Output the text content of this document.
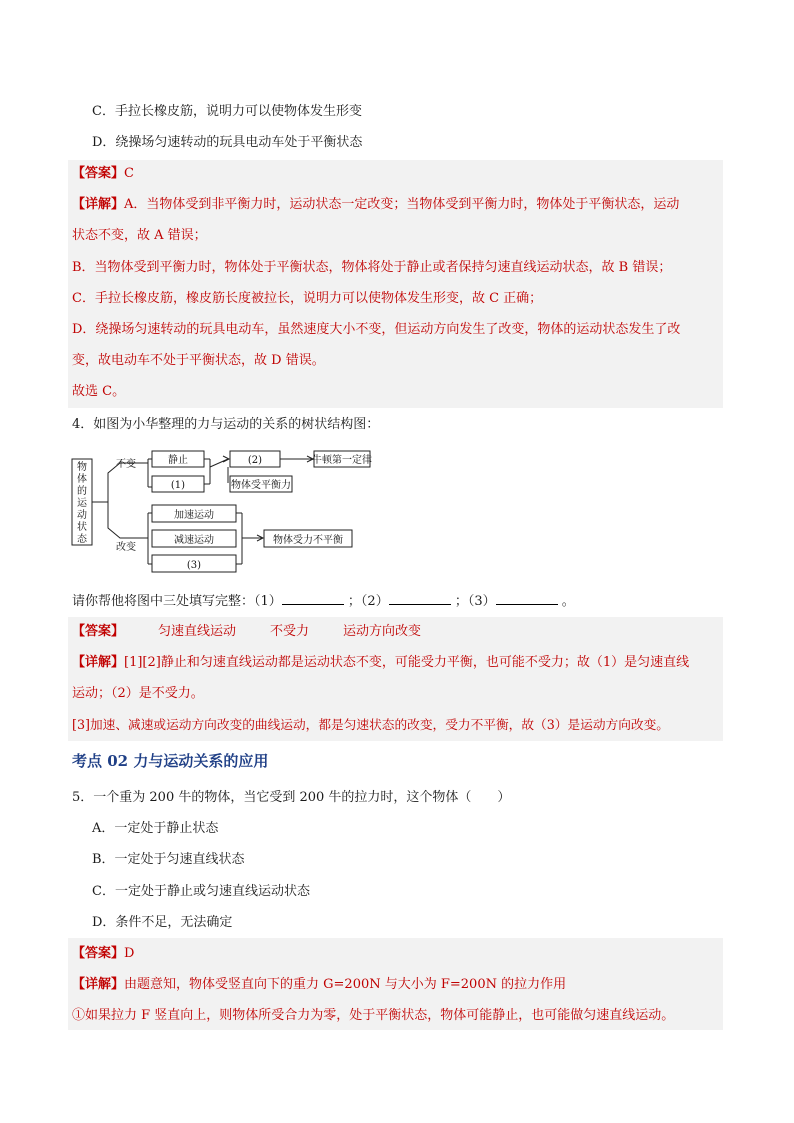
C．手拉长橡皮筋，说明力可以使物体发生形变
D．绕操场匀速转动的玩具电动车处于平衡状态
【答案】C
【详解】A．当物体受到非平衡力时，运动状态一定改变；当物体受到平衡力时，物体处于平衡状态，运动
状态不变，故 A 错误；
B．当物体受到平衡力时，物体处于平衡状态，物体将处于静止或者保持匀速直线运动状态，故 B 错误；
C．手拉长橡皮筋，橡皮筋长度被拉长，说明力可以使物体发生形变，故 C 正确；
D．绕操场匀速转动的玩具电动车，虽然速度大小不变，但运动方向发生了改变，物体的运动状态发生了改
变，故电动车不处于平衡状态，故 D 错误。
故选 C。
4．如图为小华整理的力与运动的关系的树状结构图：
物
体
的
运
动
状
态
不变
改变
静止
(1)
(2)	牛顿第一定律
物体受平衡力
加速运动
减速运动
(3)
物体受力不平衡
请你帮他将图中三处填写完整：（1）	；（2）	；（3）	。
【答案】	匀速直线运动	不受力	运动方向改变
【详解】[1][2]静止和匀速直线运动都是运动状态不变，可能受力平衡，也可能不受力；故（1）是匀速直线
运动；（2）是不受力。
[3]加速、减速或运动方向改变的曲线运动，都是匀速状态的改变，受力不平衡，故（3）是运动方向改变。
考点 02 力与运动关系的应用
5．一个重为 200 牛的物体，当它受到 200 牛的拉力时，这个物体（　　）
A．一定处于静止状态
B．一定处于匀速直线状态
C．一定处于静止或匀速直线运动状态
D．条件不足，无法确定
【答案】D
【详解】由题意知，物体受竖直向下的重力 G=200N 与大小为 F=200N 的拉力作用
①如果拉力 F 竖直向上，则物体所受合力为零，处于平衡状态，物体可能静止，也可能做匀速直线运动。
